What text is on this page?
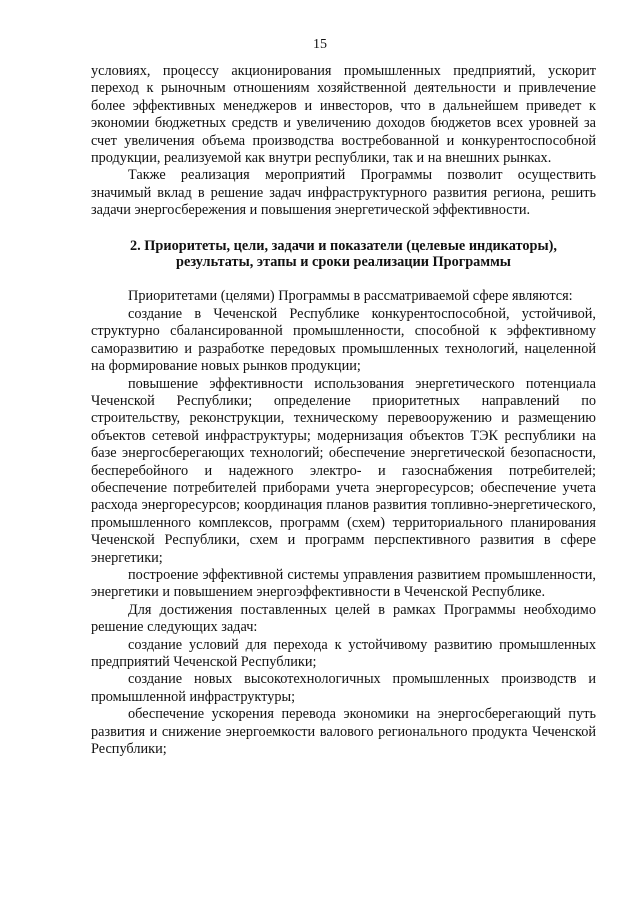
15

условиях, процессу акционирования промышленных предприятий, ускорит переход к рыночным отношениям хозяйственной деятельности и привлечение более эффективных менеджеров и инвесторов, что в дальнейшем приведет к экономии бюджетных средств и увеличению доходов бюджетов всех уровней за счет увеличения объема производства востребованной и конкурентоспособной продукции, реализуемой как внутри республики, так и на внешних рынках.

Также реализация мероприятий Программы позволит осуществить значимый вклад в решение задач инфраструктурного развития региона, решить задачи энергосбережения и повышения энергетической эффективности.

2. Приоритеты, цели, задачи и показатели (целевые индикаторы),
результаты, этапы и сроки реализации Программы

Приоритетами (целями) Программы в рассматриваемой сфере являются:

создание в Чеченской Республике конкурентоспособной, устойчивой, структурно сбалансированной промышленности, способной к эффективному саморазвитию и разработке передовых промышленных технологий, нацеленной на формирование новых рынков продукции;

повышение эффективности использования энергетического потенциала Чеченской Республики; определение приоритетных направлений по строительству, реконструкции, техническому перевооружению и размещению объектов сетевой инфраструктуры; модернизация объектов ТЭК республики на базе энергосберегающих технологий; обеспечение энергетической безопасности, бесперебойного и надежного электро- и газоснабжения потребителей; обеспечение потребителей приборами учета энергоресурсов; обеспечение учета расхода энергоресурсов; координация планов развития топливно-энергетического, промышленного комплексов, программ (схем) территориального планирования Чеченской Республики, схем и программ перспективного развития в сфере энергетики;

построение эффективной системы управления развитием промышленности, энергетики и повышением энергоэффективности в Чеченской Республике.

Для достижения поставленных целей в рамках Программы необходимо решение следующих задач:

создание условий для перехода к устойчивому развитию промышленных предприятий Чеченской Республики;

создание новых высокотехнологичных промышленных производств и промышленной инфраструктуры;

обеспечение ускорения перевода экономики на энергосберегающий путь развития и снижение энергоемкости валового регионального продукта Чеченской Республики;
